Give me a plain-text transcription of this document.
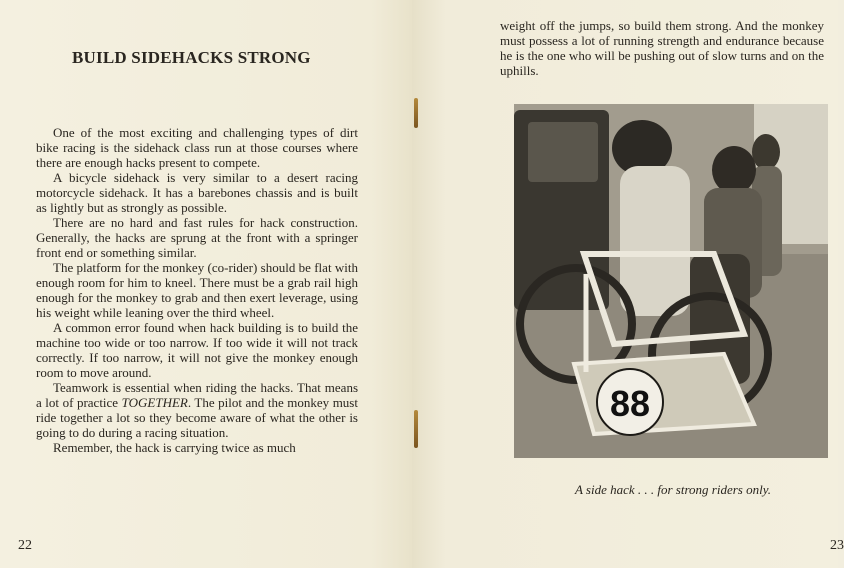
BUILD SIDEHACKS STRONG

One of the most exciting and challenging types of dirt bike racing is the sidehack class run at those courses where there are enough hacks present to compete.

A bicycle sidehack is very similar to a desert racing motorcycle sidehack. It has a barebones chassis and is built as lightly but as strongly as possible.

There are no hard and fast rules for hack construction. Generally, the hacks are sprung at the front with a springer front end or something similar.

The platform for the monkey (co-rider) should be flat with enough room for him to kneel. There must be a grab rail high enough for the monkey to grab and then exert leverage, using his weight while leaning over the third wheel.

A common error found when hack building is to build the machine too wide or too narrow. If too wide it will not track correctly. If too narrow, it will not give the monkey enough room to move around.

Teamwork is essential when riding the hacks. That means a lot of practice TOGETHER. The pilot and the monkey must ride together a lot so they become aware of what the other is going to do during a racing situation.

Remember, the hack is carrying twice as much

22

weight off the jumps, so build them strong. And the monkey must possess a lot of running strength and endurance because he is the one who will be pushing out of slow turns and on the uphills.

88
A side hack . . . for strong riders only.
23
